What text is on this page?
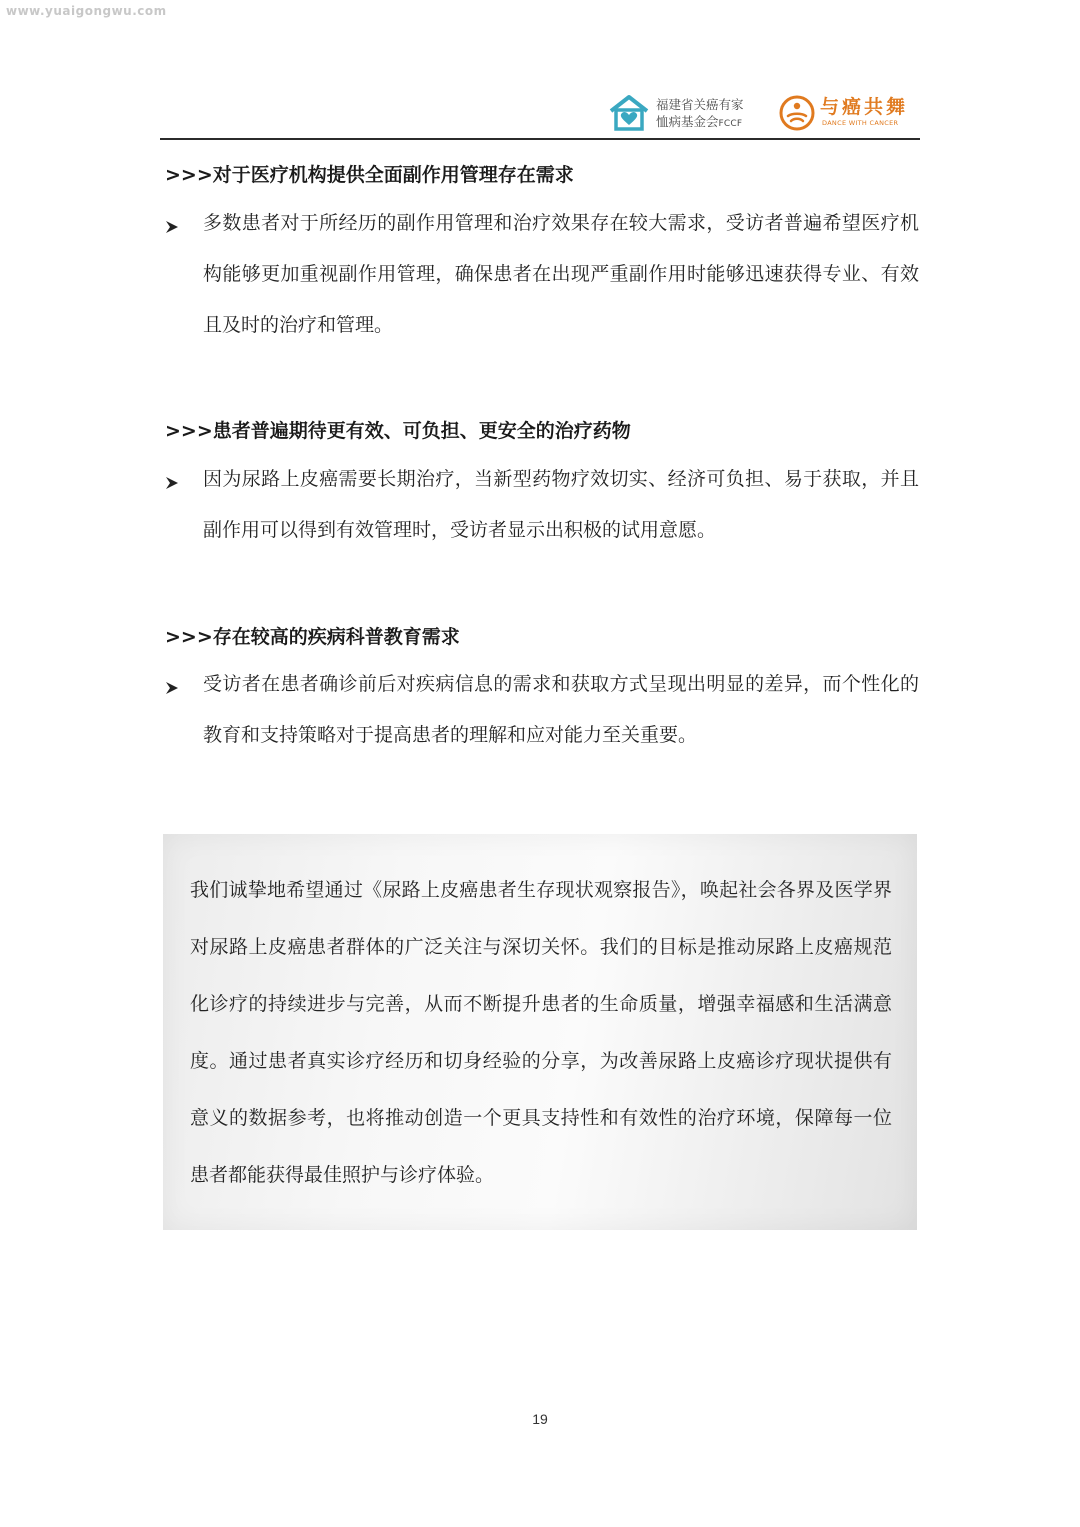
www.yuaigongwu.com
福建省关癌有家
恤病基金会FCCF
与癌共舞
DANCE WITH CANCER
>>>对于医疗机构提供全面副作用管理存在需求
多数患者对于所经历的副作用管理和治疗效果存在较大需求，受访者普遍希望医疗机构能够更加重视副作用管理，确保患者在出现严重副作用时能够迅速获得专业、有效且及时的治疗和管理。
>>>患者普遍期待更有效、可负担、更安全的治疗药物
因为尿路上皮癌需要长期治疗，当新型药物疗效切实、经济可负担、易于获取，并且副作用可以得到有效管理时，受访者显示出积极的试用意愿。
>>>存在较高的疾病科普教育需求
受访者在患者确诊前后对疾病信息的需求和获取方式呈现出明显的差异，而个性化的教育和支持策略对于提高患者的理解和应对能力至关重要。
我们诚挚地希望通过《尿路上皮癌患者生存现状观察报告》，唤起社会各界及医学界对尿路上皮癌患者群体的广泛关注与深切关怀。我们的目标是推动尿路上皮癌规范化诊疗的持续进步与完善，从而不断提升患者的生命质量，增强幸福感和生活满意度。通过患者真实诊疗经历和切身经验的分享，为改善尿路上皮癌诊疗现状提供有意义的数据参考，也将推动创造一个更具支持性和有效性的治疗环境，保障每一位患者都能获得最佳照护与诊疗体验。
19
